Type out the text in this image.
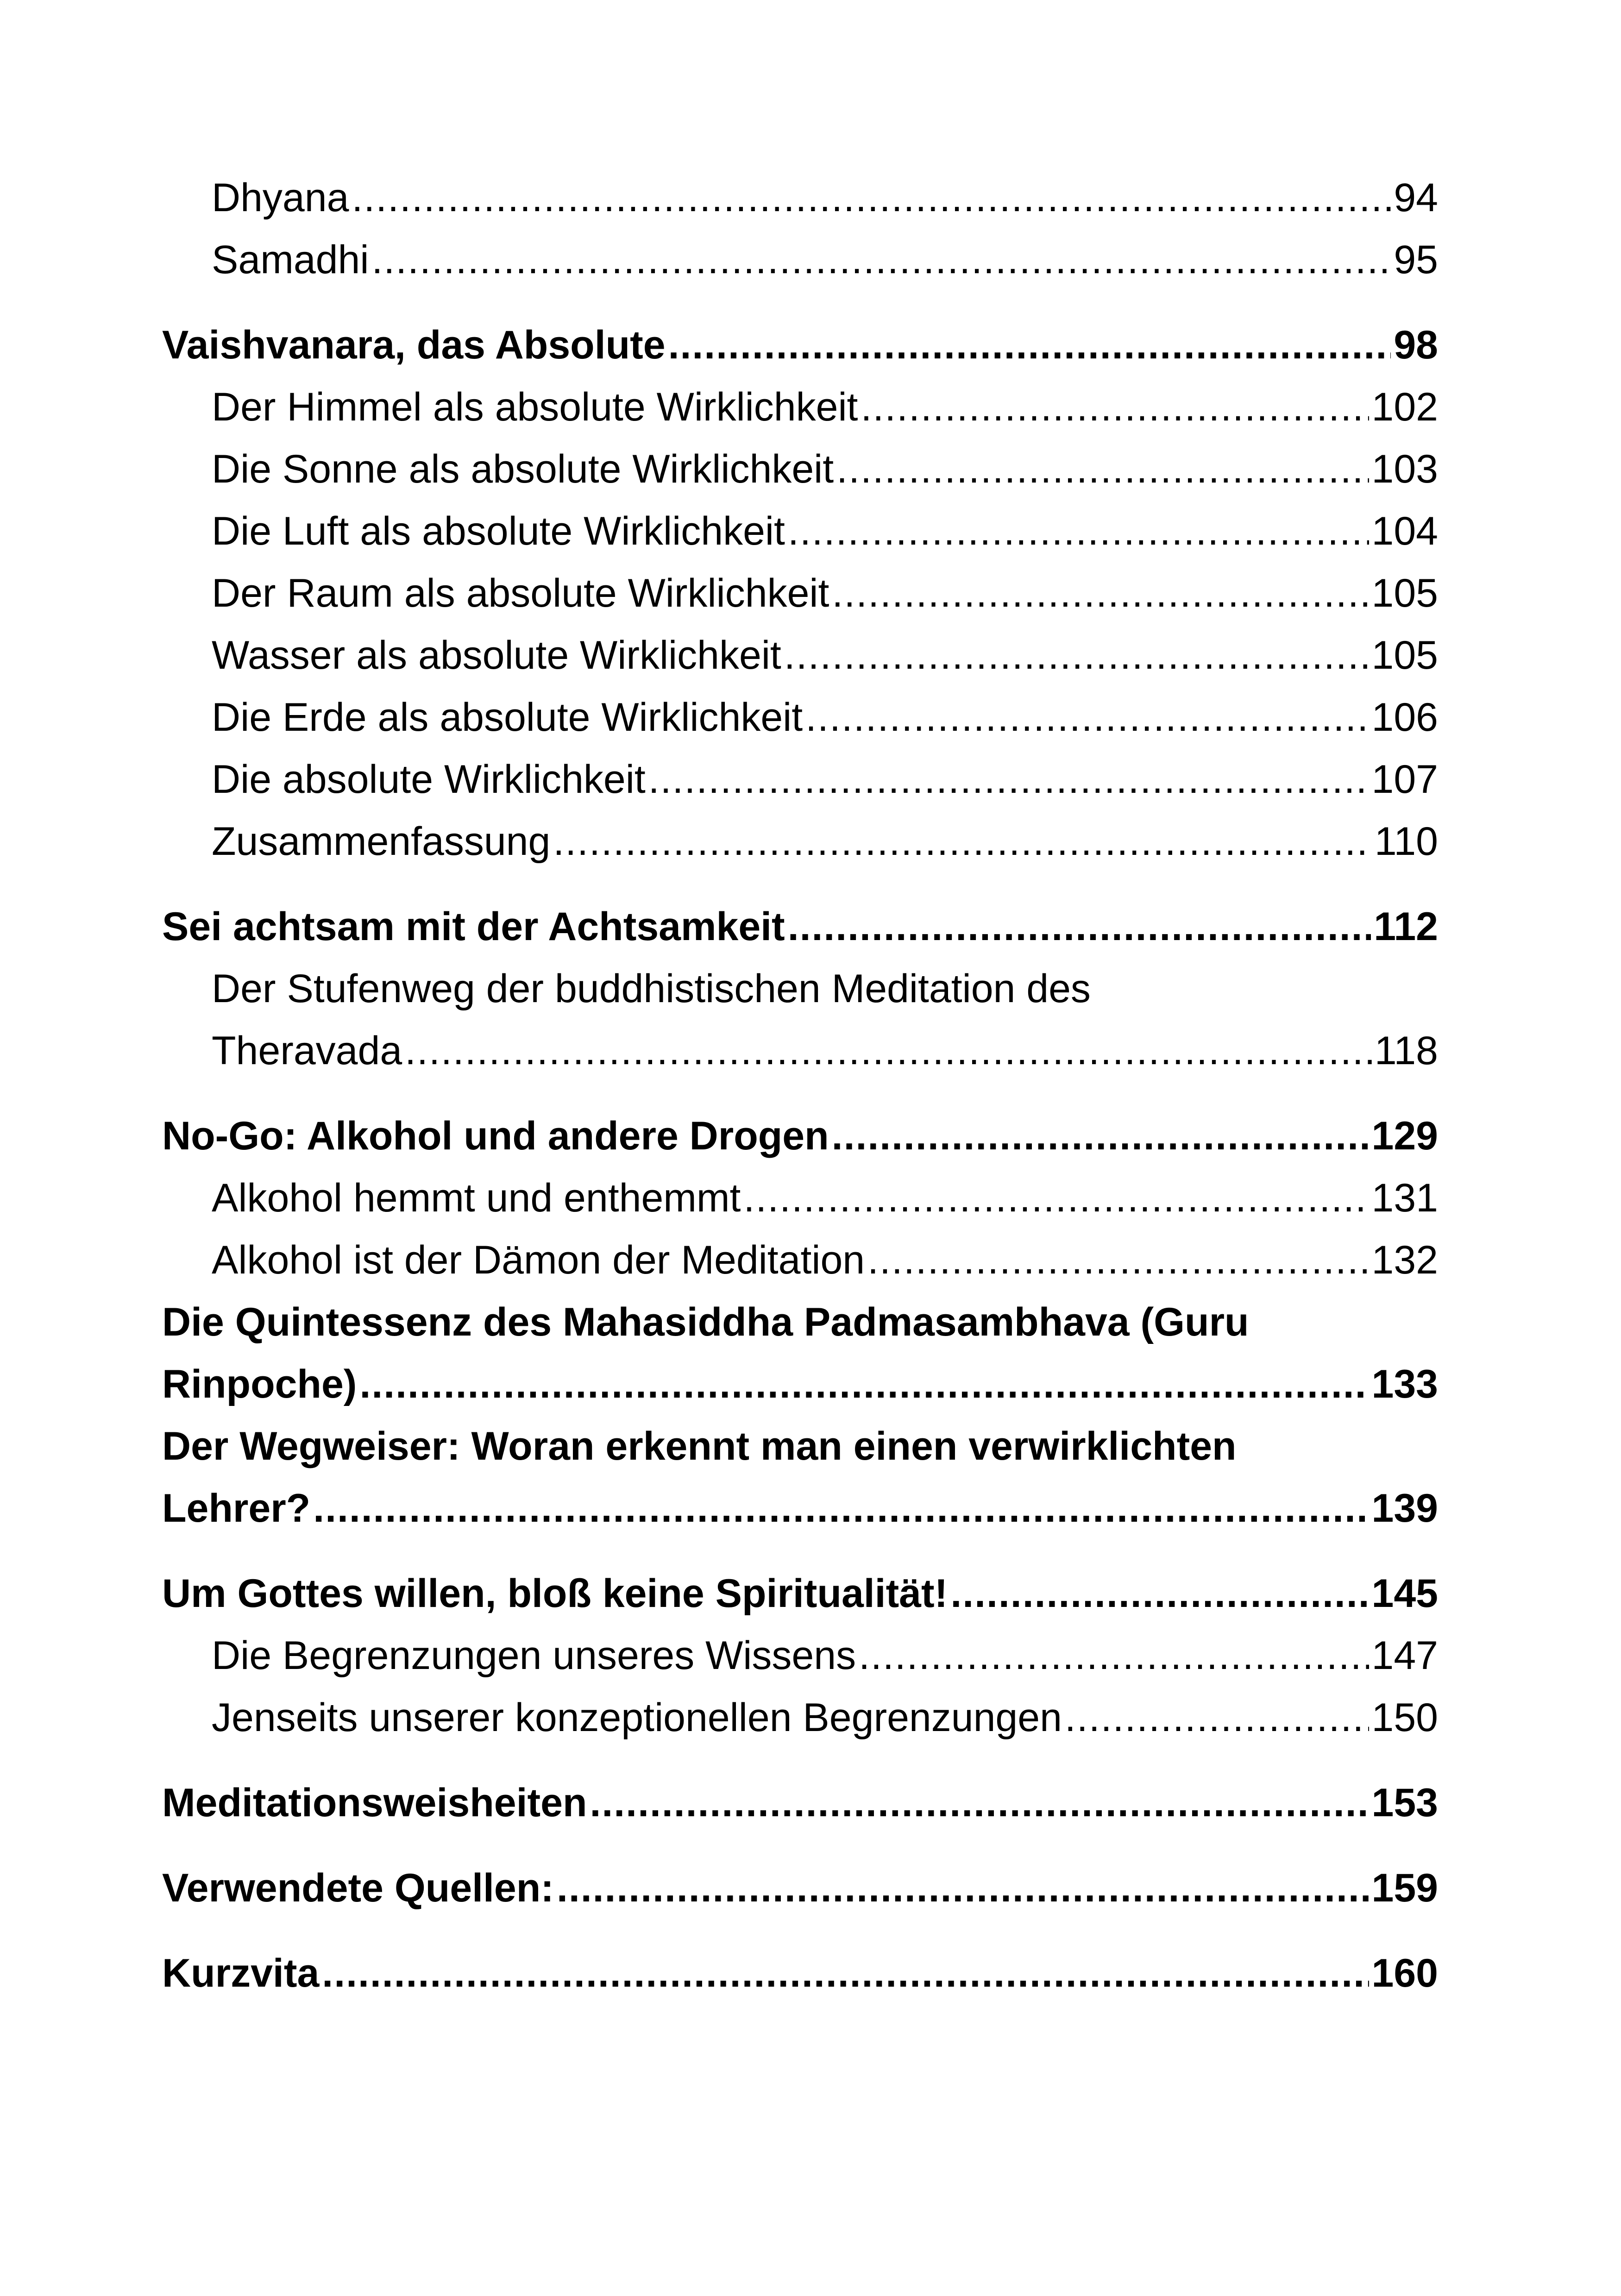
Dhyana .....	94
Samadhi .....	95
Vaishvanara, das Absolute .....	98
Der Himmel als absolute Wirklichkeit .....	102
Die Sonne als absolute Wirklichkeit .....	103
Die Luft als absolute Wirklichkeit .....	104
Der Raum als absolute Wirklichkeit .....	105
Wasser als absolute Wirklichkeit .....	105
Die Erde als absolute Wirklichkeit .....	106
Die absolute Wirklichkeit .....	107
Zusammenfassung .....	110
Sei achtsam mit der Achtsamkeit .....	112
Der Stufenweg der buddhistischen Meditation des
Theravada .....	118
No-Go: Alkohol und andere Drogen .....	129
Alkohol hemmt und enthemmt .....	131
Alkohol ist der Dämon der Meditation .....	132
Die Quintessenz des Mahasiddha Padmasambhava (Guru
Rinpoche) .....	133
Der Wegweiser: Woran erkennt man einen verwirklichten
Lehrer? .....	139
Um Gottes willen, bloß keine Spiritualität! .....	145
Die Begrenzungen unseres Wissens .....	147
Jenseits unserer konzeptionellen Begrenzungen .....	150
Meditationsweisheiten .....	153
Verwendete Quellen: .....	159
Kurzvita .....	160
